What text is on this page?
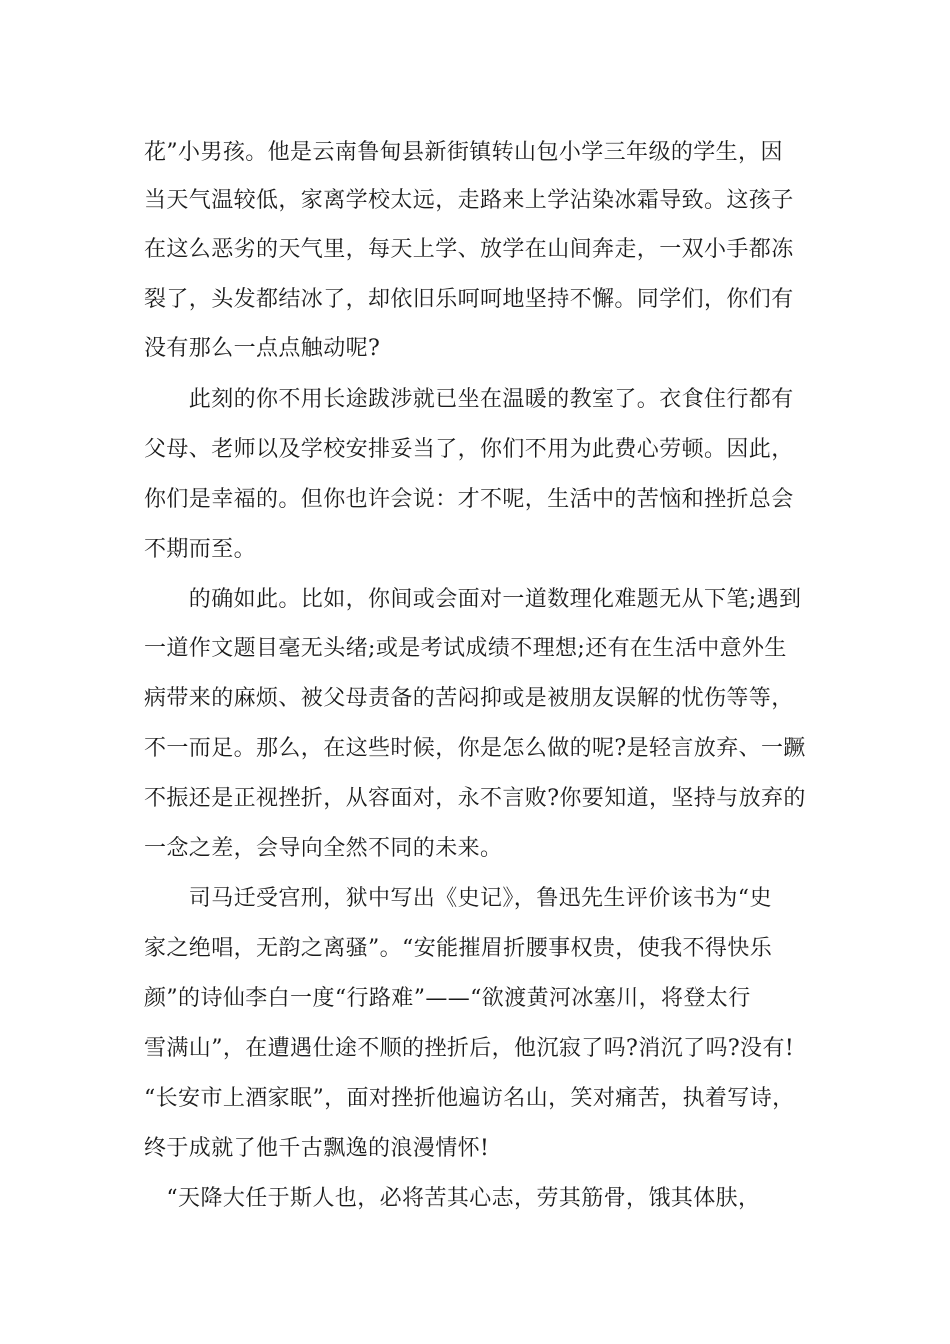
花”小男孩。他是云南鲁甸县新街镇转山包小学三年级的学生，因
当天气温较低，家离学校太远，走路来上学沾染冰霜导致。这孩子
在这么恶劣的天气里，每天上学、放学在山间奔走，一双小手都冻
裂了，头发都结冰了，却依旧乐呵呵地坚持不懈。同学们，你们有
没有那么一点点触动呢?
　　此刻的你不用长途跋涉就已坐在温暖的教室了。衣食住行都有
父母、老师以及学校安排妥当了，你们不用为此费心劳顿。因此，
你们是幸福的。但你也许会说：才不呢，生活中的苦恼和挫折总会
不期而至。
　　的确如此。比如，你间或会面对一道数理化难题无从下笔;遇到
一道作文题目毫无头绪;或是考试成绩不理想;还有在生活中意外生
病带来的麻烦、被父母责备的苦闷抑或是被朋友误解的忧伤等等，
不一而足。那么，在这些时候，你是怎么做的呢?是轻言放弃、一蹶
不振还是正视挫折，从容面对，永不言败?你要知道，坚持与放弃的
一念之差，会导向全然不同的未来。
　　司马迁受宫刑，狱中写出《史记》，鲁迅先生评价该书为“史
家之绝唱，无韵之离骚”。“安能摧眉折腰事权贵，使我不得快乐
颜”的诗仙李白一度“行路难”——“欲渡黄河冰塞川，将登太行
雪满山”，在遭遇仕途不顺的挫折后，他沉寂了吗?消沉了吗?没有!
“长安市上酒家眠”，面对挫折他遍访名山，笑对痛苦，执着写诗，
终于成就了他千古飘逸的浪漫情怀!
　“天降大任于斯人也，必将苦其心志，劳其筋骨，饿其体肤，
